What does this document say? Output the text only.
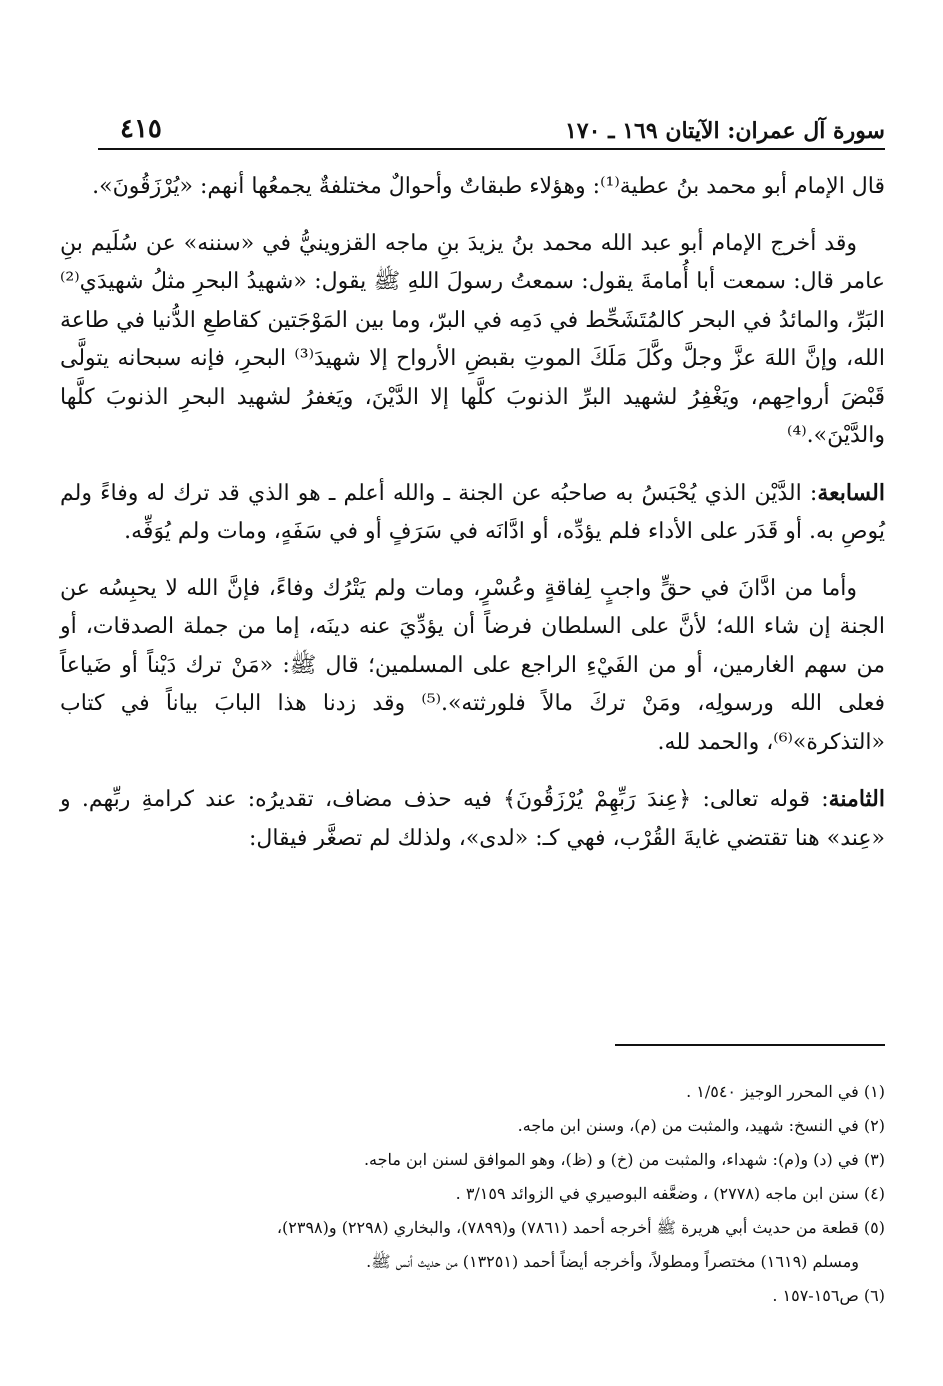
سورة آل عمران: الآيتان ١٦٩ ـ ١٧٠
٤١٥

قال الإمام أبو محمد بنُ عطية⁽¹⁾: وهؤلاء طبقاتٌ وأحوالٌ مختلفةٌ يجمعُها أنهم: «يُرْزَقُونَ».

وقد أخرج الإمام أبو عبد الله محمد بنُ يزيدَ بنِ ماجه القزوينيُّ في «سننه» عن سُلَيم بنِ عامر قال: سمعت أبا أُمامةَ يقول: سمعتُ رسولَ اللهِ ﷺ يقول: «شهيدُ البحرِ مثلُ شهيدَي⁽²⁾ البَرِّ، والمائدُ في البحر كالمُتَشَحِّط في دَمِه في البرّ، وما بين المَوْجَتين كقاطعِ الدُّنيا في طاعة الله، وإنَّ اللهَ عزَّ وجلَّ وكَّلَ مَلَكَ الموتِ بقبضِ الأرواح إلا شهيدَ⁽³⁾ البحرِ، فإنه سبحانه يتولَّى قَبْضَ أرواحِهم، ويَغْفِرُ لشهيد البرِّ الذنوبَ كلَّها إلا الدَّيْنَ، ويَغفرُ لشهيد البحرِ الذنوبَ كلَّها والدَّيْنَ».⁽⁴⁾

السابعة: الدَّيْن الذي يُحْبَسُ به صاحبُه عن الجنة ـ والله أعلم ـ هو الذي قد ترك له وفاءً ولم يُوصِ به. أو قَدَر على الأداء فلم يؤدِّه، أو ادَّانَه في سَرَفٍ أو في سَفَهٍ، ومات ولم يُوَفِّه.

وأما من ادَّانَ في حقٍّ واجبٍ لِفاقةٍ وعُسْرٍ، ومات ولم يَتْرُك وفاءً، فإنَّ الله لا يحبِسُه عن الجنة إن شاء الله؛ لأنَّ على السلطان فرضاً أن يؤدِّيَ عنه دينَه، إما من جملة الصدقات، أو من سهم الغارمين، أو من الفَيْءِ الراجع على المسلمين؛ قال ﷺ: «مَنْ ترك دَيْناً أو ضَياعاً فعلى الله ورسولِه، ومَنْ تركَ مالاً فلورثته».⁽⁵⁾ وقد زدنا هذا البابَ بياناً في كتاب «التذكرة»⁽⁶⁾، والحمد لله.

الثامنة: قوله تعالى: ﴿عِندَ رَبِّهِمْ يُرْزَقُونَ﴾ فيه حذف مضاف، تقديرُه: عند كرامةِ ربِّهم. و «عِند» هنا تقتضي غايةَ القُرْب، فهي كـ: «لدى»، ولذلك لم تصغَّر فيقال:

(١) في المحرر الوجيز ١/٥٤٠ .

(٢) في النسخ: شهيد، والمثبت من (م)، وسنن ابن ماجه.

(٣) في (د) و(م): شهداء، والمثبت من (خ) و (ظ)، وهو الموافق لسنن ابن ماجه.

(٤) سنن ابن ماجه (٢٧٧٨) ، وضعَّفه البوصيري في الزوائد ٣/١٥٩ .

(٥) قطعة من حديث أبي هريرة ﷺ أخرجه أحمد (٧٨٦١) و(٧٨٩٩)، والبخاري (٢٢٩٨) و(٢٣٩٨)،
ومسلم (١٦١٩) مختصراً ومطولاً، وأخرجه أيضاً أحمد (١٣٢٥١) من حديث أنس ﷺ.

(٦) ص١٥٦-١٥٧ .
